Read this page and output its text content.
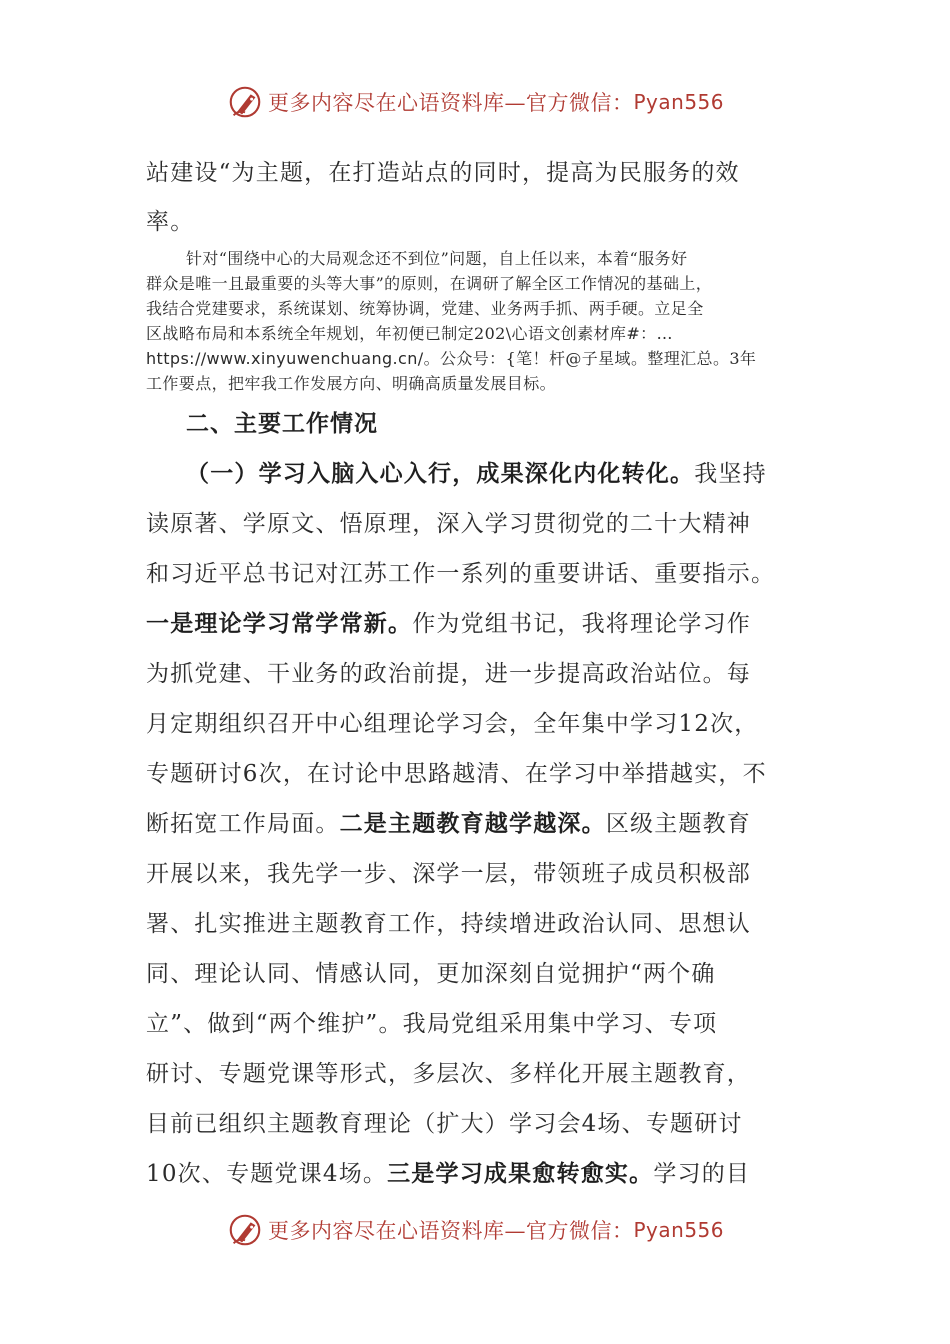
更多内容尽在心语资料库—官方微信： Pyan556
站建设“为主题，在打造站点的同时，提高为民服务的效
率。
针对“围绕中心的大局观念还不到位”问题，自上任以来，本着“服务好
群众是唯一且最重要的头等大事”的原则，在调研了解全区工作情况的基础上，
我结合党建要求，系统谋划、统筹协调，党建、业务两手抓、两手硬。立足全
区战略布局和本系统全年规划，年初便已制定202\心语文创素材库#：…
https://www.xinyuwenchuang.cn/。公众号：{笔！杆@子星域。整理汇总。3年
工作要点，把牢我工作发展方向、明确高质量发展目标。
二、主要工作情况
（一）学习入脑入心入行，成果深化内化转化。我坚持
读原著、学原文、悟原理，深入学习贯彻党的二十大精神
和习近平总书记对江苏工作一系列的重要讲话、重要指示。
一是理论学习常学常新。作为党组书记，我将理论学习作
为抓党建、干业务的政治前提，进一步提高政治站位。每
月定期组织召开中心组理论学习会，全年集中学习12次，
专题研讨6次，在讨论中思路越清、在学习中举措越实，不
断拓宽工作局面。二是主题教育越学越深。区级主题教育
开展以来，我先学一步、深学一层，带领班子成员积极部
署、扎实推进主题教育工作，持续增进政治认同、思想认
同、理论认同、情感认同，更加深刻自觉拥护“两个确
立”、做到“两个维护”。我局党组采用集中学习、专项
研讨、专题党课等形式，多层次、多样化开展主题教育，
目前已组织主题教育理论（扩大）学习会4场、专题研讨
10次、专题党课4场。三是学习成果愈转愈实。学习的目
更多内容尽在心语资料库—官方微信： Pyan556
